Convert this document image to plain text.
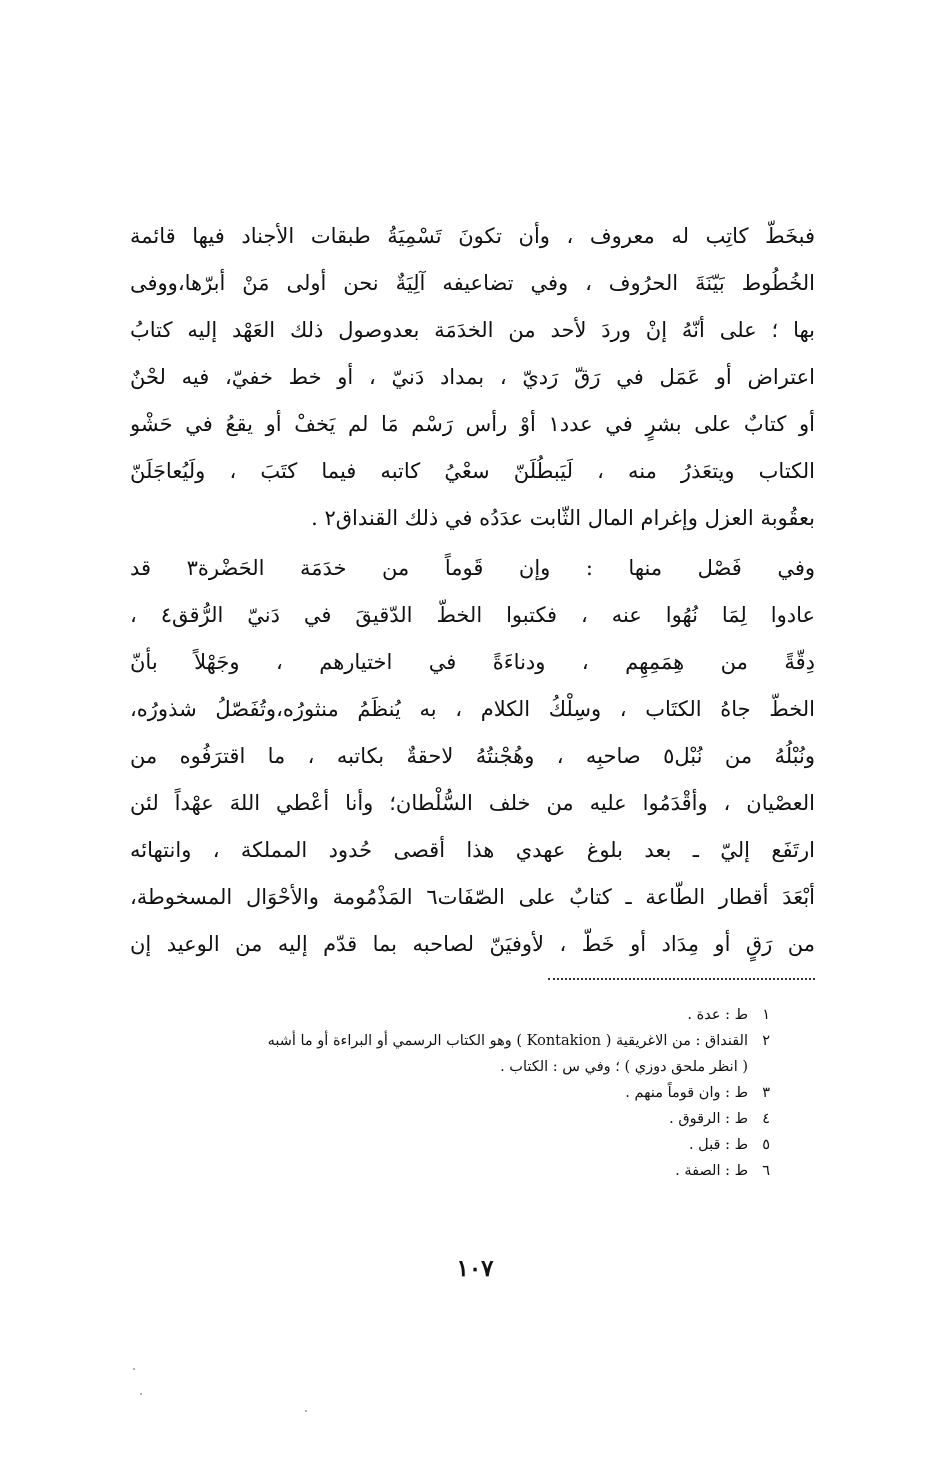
فبخَطّ كاتِب له معروف ، وأن تكونَ تَسْمِيَةُ طبقات الأجناد فيها قائمة
الخُطُوط بَيّنَةَ الحرُوف ، وفي تضاعيفه آلِيَةٌ نحن أولى مَنْ أبرّها،ووفى
بها ؛ على أنّهُ إنْ وردَ لأحد من الخدَمَة بعدوصول ذلك العَهْد إليه كتابُ
اعتراض أو عَمَل في رَقّ رَديّ ، بمداد دَنيّ ، أو خط خفيّ، فيه لحْنٌ
أو كتابٌ على بشرٍ في عدد١ أوْ رأس رَسْم مَا لم يَخفْ أو يقعُ في حَشْو
الكتاب ويتعَذرُ منه ، لَيَبطُلَنّ سعْيُ كاتبه فيما كتَبَ ، ولَيُعاجَلَنّ
بعقُوبة العزل وإغرام المال الثّابت عدَدُه في ذلك القنداق٢ .
وفي فَصْل منها : وإن قَوماً من خدَمَة الحَضْرة٣ قد
عادوا لِمَا نُهُوا عنه ، فكتبوا الخطّ الدّقيقَ في دَنيّ الرُّقق٤ ،
دِقّةً من هِمَمِهِم ، ودناءَةً في اختيارهم ، وجَهْلاً بأنّ
الخطّ جاهُ الكتَاب ، وسِلْكُ الكلام ، به يُنظَمُ منثورُه،وتُفَصّلُ شذورُه،
ونُبْلُهُ من نُبْل٥ صاحبِه ، وهُجْنتُهُ لاحقةٌ بكاتبه ، ما اقترَفُوه من
العصْيان ، وأقْدَمُوا عليه من خلف السُّلْطان؛ وأنا أعْطي اللهَ عهْداً لئن
ارتَفَع إليّ ـ بعد بلوغ عهدي هذا أقصى حُدود المملكة ، وانتهائه
أبْعَدَ أقطار الطّاعة ـ كتابٌ على الصّفَات٦ المَذْمُومة والأحْوَال المسخوطة،
من رَقٍ أو مِدَاد أو خَطّ ، لأوفيَنّ لصاحبه بما قدّم إليه من الوعيد إن
١
ط : عدة .
٢
القنداق : من الاغريقية ( Kontakion ) وهو الكتاب الرسمي أو البراءة أو ما أشبه
( انظر ملحق دوزي ) ؛ وفي س : الكتاب .
٣
ط : وان قوماً منهم .
٤
ط : الرقوق .
٥
ط : قبل .
٦
ط : الصفة .
١٠٧
